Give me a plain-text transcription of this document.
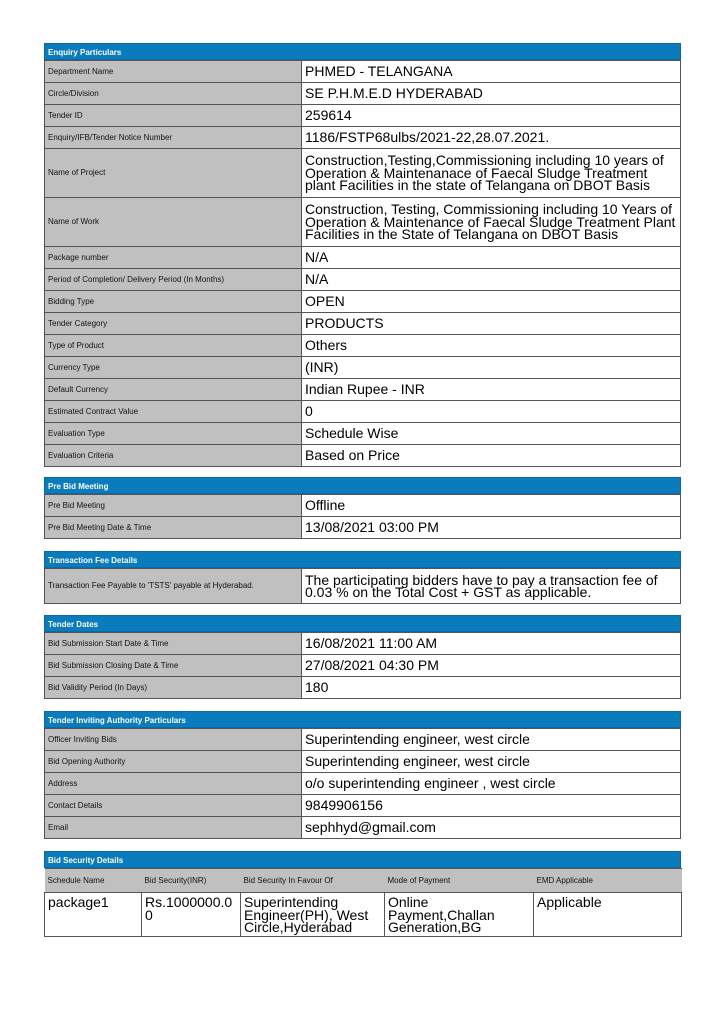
Enquiry Particulars
Department Name	PHMED - TELANGANA
Circle/Division	SE P.H.M.E.D HYDERABAD
Tender ID	259614
Enquiry/IFB/Tender Notice Number	1186/FSTP68ulbs/2021-22,28.07.2021.
Name of Project	Construction,Testing,Commissioning including 10 years of Operation & Maintenanace of Faecal Sludge Treatment plant Facilities in the state of Telangana on DBOT Basis
Name of Work	Construction, Testing, Commissioning including 10 Years of Operation & Maintenance of Faecal Sludge Treatment Plant Facilities in the State of Telangana on DBOT Basis
Package number	N/A
Period of Completion/ Delivery Period (In Months)	N/A
Bidding Type	OPEN
Tender Category	PRODUCTS
Type of Product	Others
Currency Type	(INR)
Default Currency	Indian Rupee - INR
Estimated Contract Value	0
Evaluation Type	Schedule Wise
Evaluation Criteria	Based on Price
Pre Bid Meeting
Pre Bid Meeting	Offline
Pre Bid Meeting Date & Time	13/08/2021 03:00 PM
Transaction Fee Details
Transaction Fee Payable to 'TSTS' payable at Hyderabad.	The participating bidders have to pay a transaction fee of 0.03 % on the Total Cost + GST as applicable.
Tender Dates
Bid Submission Start Date & Time	16/08/2021 11:00 AM
Bid Submission Closing Date & Time	27/08/2021 04:30 PM
Bid Validity Period (In Days)	180
Tender Inviting Authority Particulars
Officer Inviting Bids	Superintending engineer, west circle
Bid Opening Authority	Superintending engineer, west circle
Address	o/o superintending engineer , west circle
Contact Details	9849906156
Email	sephhyd@gmail.com
Bid Security Details
Schedule Name	Bid Security(INR)	Bid Security In Favour Of	Mode of Payment	EMD Applicable
package1	Rs.1000000.00	Superintending Engineer(PH), West Circle,Hyderabad	Online Payment,Challan Generation,BG	Applicable
